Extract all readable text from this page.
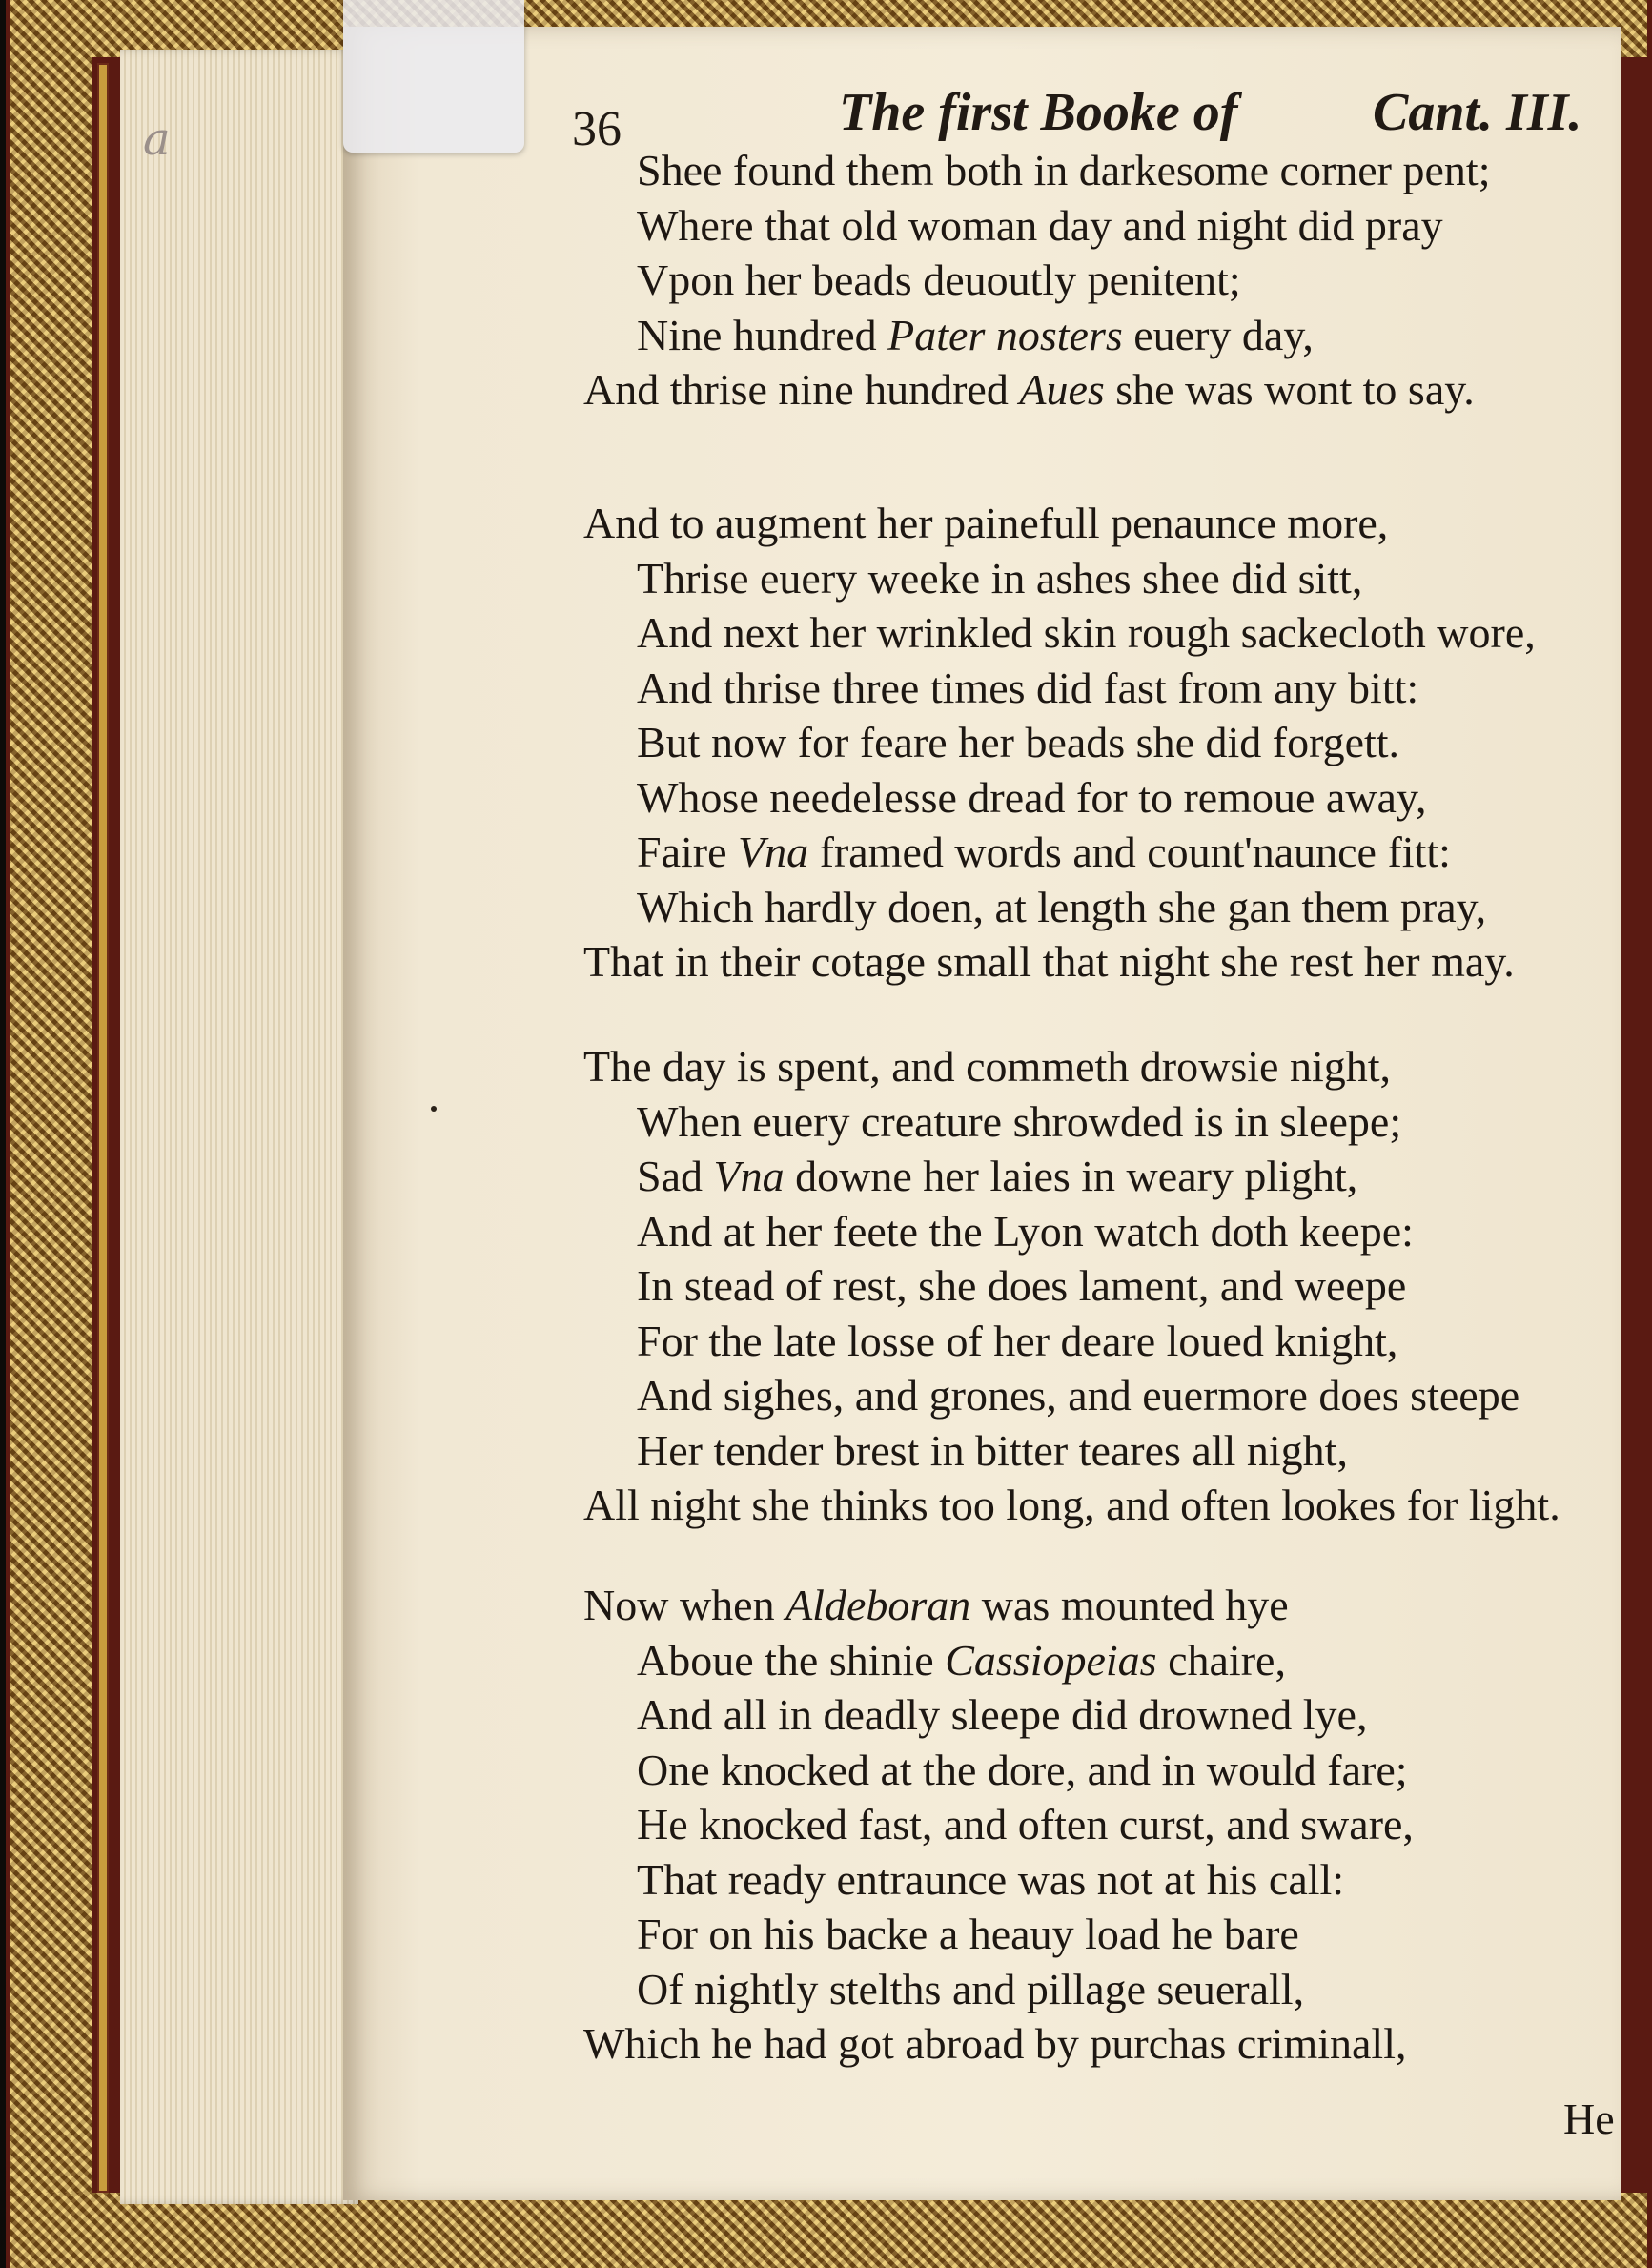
a	36	The first Booke of	Cant. III.
Shee found them both in darkesome corner pent;
Where that old woman day and night did pray
Vpon her beads deuoutly penitent;
Nine hundred Pater nosters euery day,
And thrise nine hundred Aues she was wont to say.
And to augment her painefull penaunce more,
Thrise euery weeke in ashes shee did sitt,
And next her wrinkled skin rough sackecloth wore,
And thrise three times did fast from any bitt:
But now for feare her beads she did forgett.
Whose needelesse dread for to remoue away,
Faire Vna framed words and count'naunce fitt:
Which hardly doen, at length she gan them pray,
That in their cotage small that night she rest her may.
The day is spent, and commeth drowsie night,
When euery creature shrowded is in sleepe;
Sad Vna downe her laies in weary plight,
And at her feete the Lyon watch doth keepe:
In stead of rest, she does lament, and weepe
For the late losse of her deare loued knight,
And sighes, and grones, and euermore does steepe
Her tender brest in bitter teares all night,
All night she thinks too long, and often lookes for light.
Now when Aldeboran was mounted hye
Aboue the shinie Cassiopeias chaire,
And all in deadly sleepe did drowned lye,
One knocked at the dore, and in would fare;
He knocked fast, and often curst, and sware,
That ready entraunce was not at his call:
For on his backe a heauy load he bare
Of nightly stelths and pillage seuerall,
Which he had got abroad by purchas criminall,
He
